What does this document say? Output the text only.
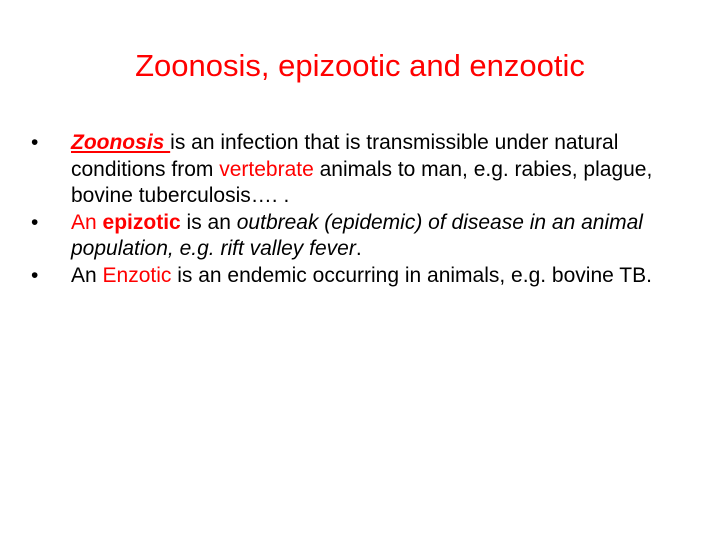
Zoonosis, epizootic and enzootic
•	Zoonosis is an infection that is transmissible under natural conditions from vertebrate animals to man, e.g. rabies, plague, bovine tuberculosis…. .
•	An epizotic is an outbreak (epidemic) of disease in an animal population, e.g. rift valley fever.
•	An Enzotic is an endemic occurring in animals, e.g. bovine TB.
